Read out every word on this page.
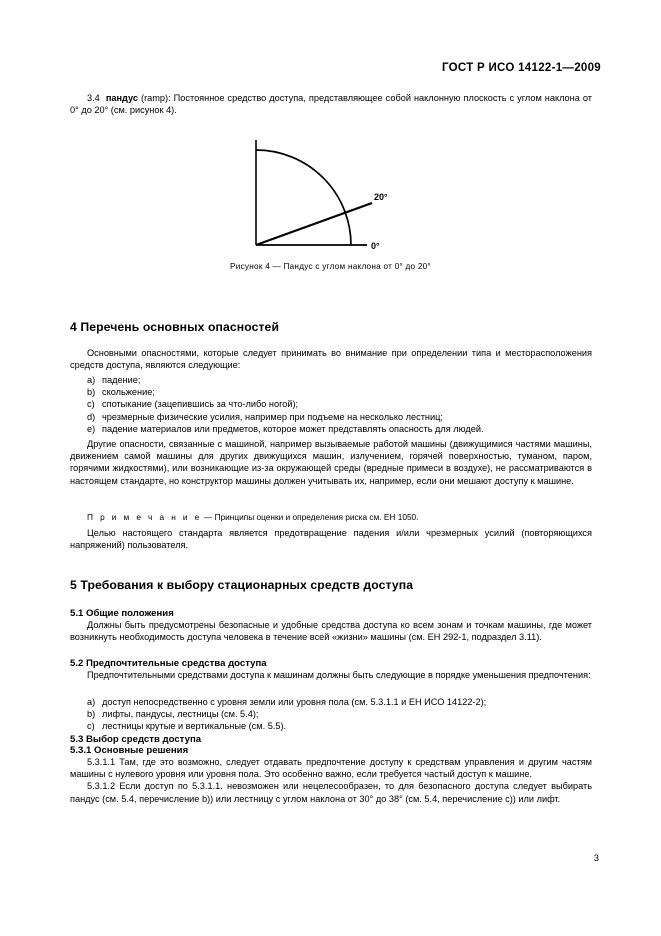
ГОСТ Р ИСО 14122-1—2009

3.4 пандус (ramp): Постоянное средство доступа, представляющее собой наклонную плоскость с углом наклона от 0° до 20° (см. рисунок 4).

20°
0°
Рисунок 4 — Пандус с углом наклона от 0° до 20°
4 Перечень основных опасностей

Основными опасностями, которые следует принимать во внимание при определении типа и месторасположения средств доступа, являются следующие:

a) падение;

b) скольжение;

c) спотыкание (зацепившись за что-либо ногой);

d) чрезмерные физические усилия, например при подъеме на несколько лестниц;

e) падение материалов или предметов, которое может представлять опасность для людей.

Другие опасности, связанные с машиной, например вызываемые работой машины (движущимися частями машины, движением самой машины для других движущихся машин, излучением, горячей поверхностью, туманом, паром, горячими жидкостями), или возникающие из-за окружающей среды (вредные примеси в воздухе), не рассматриваются в настоящем стандарте, но конструктор машины должен учитывать их, например, если они мешают доступу к машине.

П р и м е ч а н и е — Принципы оценки и определения риска см. ЕН 1050.

Целью настоящего стандарта является предотвращение падения и/или чрезмерных усилий (повторяющихся напряжений) пользователя.

5 Требования к выбору стационарных средств доступа
5.1 Общие положения

Должны быть предусмотрены безопасные и удобные средства доступа ко всем зонам и точкам машины, где может возникнуть необходимость доступа человека в течение всей «жизни» машины (см. ЕН 292-1, подраздел 3.11).

5.2 Предпочтительные средства доступа

Предпочтительными средствами доступа к машинам должны быть следующие в порядке уменьшения предпочтения:

a) доступ непосредственно с уровня земли или уровня пола (см. 5.3.1.1 и ЕН ИСО 14122-2);

b) лифты, пандусы, лестницы (см. 5.4);

c) лестницы крутые и вертикальные (см. 5.5).

5.3 Выбор средств доступа
5.3.1 Основные решения

5.3.1.1 Там, где это возможно, следует отдавать предпочтение доступу к средствам управления и другим частям машины с нулевого уровня или уровня пола. Это особенно важно, если требуется частый доступ к машине.

5.3.1.2 Если доступ по 5.3.1.1. невозможен или нецелесообразен, то для безопасного доступа следует выбирать пандус (см. 5.4, перечисление b)) или лестницу с углом наклона от 30° до 38° (см. 5.4, перечисление c)) или лифт.

3
